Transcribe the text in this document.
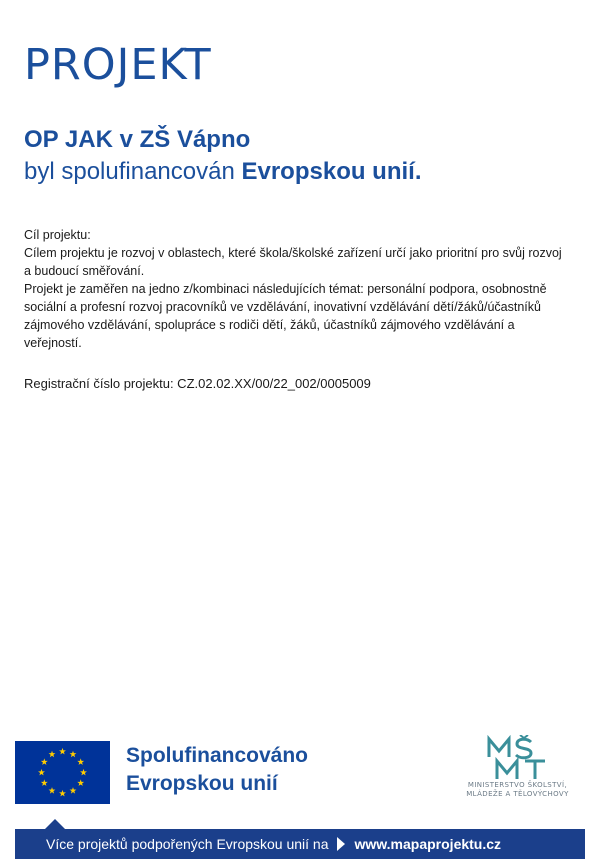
PROJEKT
OP JAK v ZŠ Vápno
byl spolufinancován Evropskou unií.

Cíl projektu:

Cílem projektu je rozvoj v oblastech, které škola/školské zařízení určí jako prioritní pro svůj rozvoj a budoucí směřování.

Projekt je zaměřen na jedno z/kombinaci následujících témat: personální podpora, osobnostně sociální a profesní rozvoj pracovníků ve vzdělávání, inovativní vzdělávání dětí/žáků/účastníků zájmového vzdělávání, spolupráce s rodiči dětí, žáků, účastníků zájmového vzdělávání a veřejností.

Registrační číslo projektu: CZ.02.02.XX/00/22_002/0005009
Spolufinancováno
Evropskou unií	MINISTERSTVO ŠKOLSTVÍ,
MLÁDEŽE A TĚLOVÝCHOVY
Více projektů podpořených Evropskou unií na www.mapaprojektu.cz
